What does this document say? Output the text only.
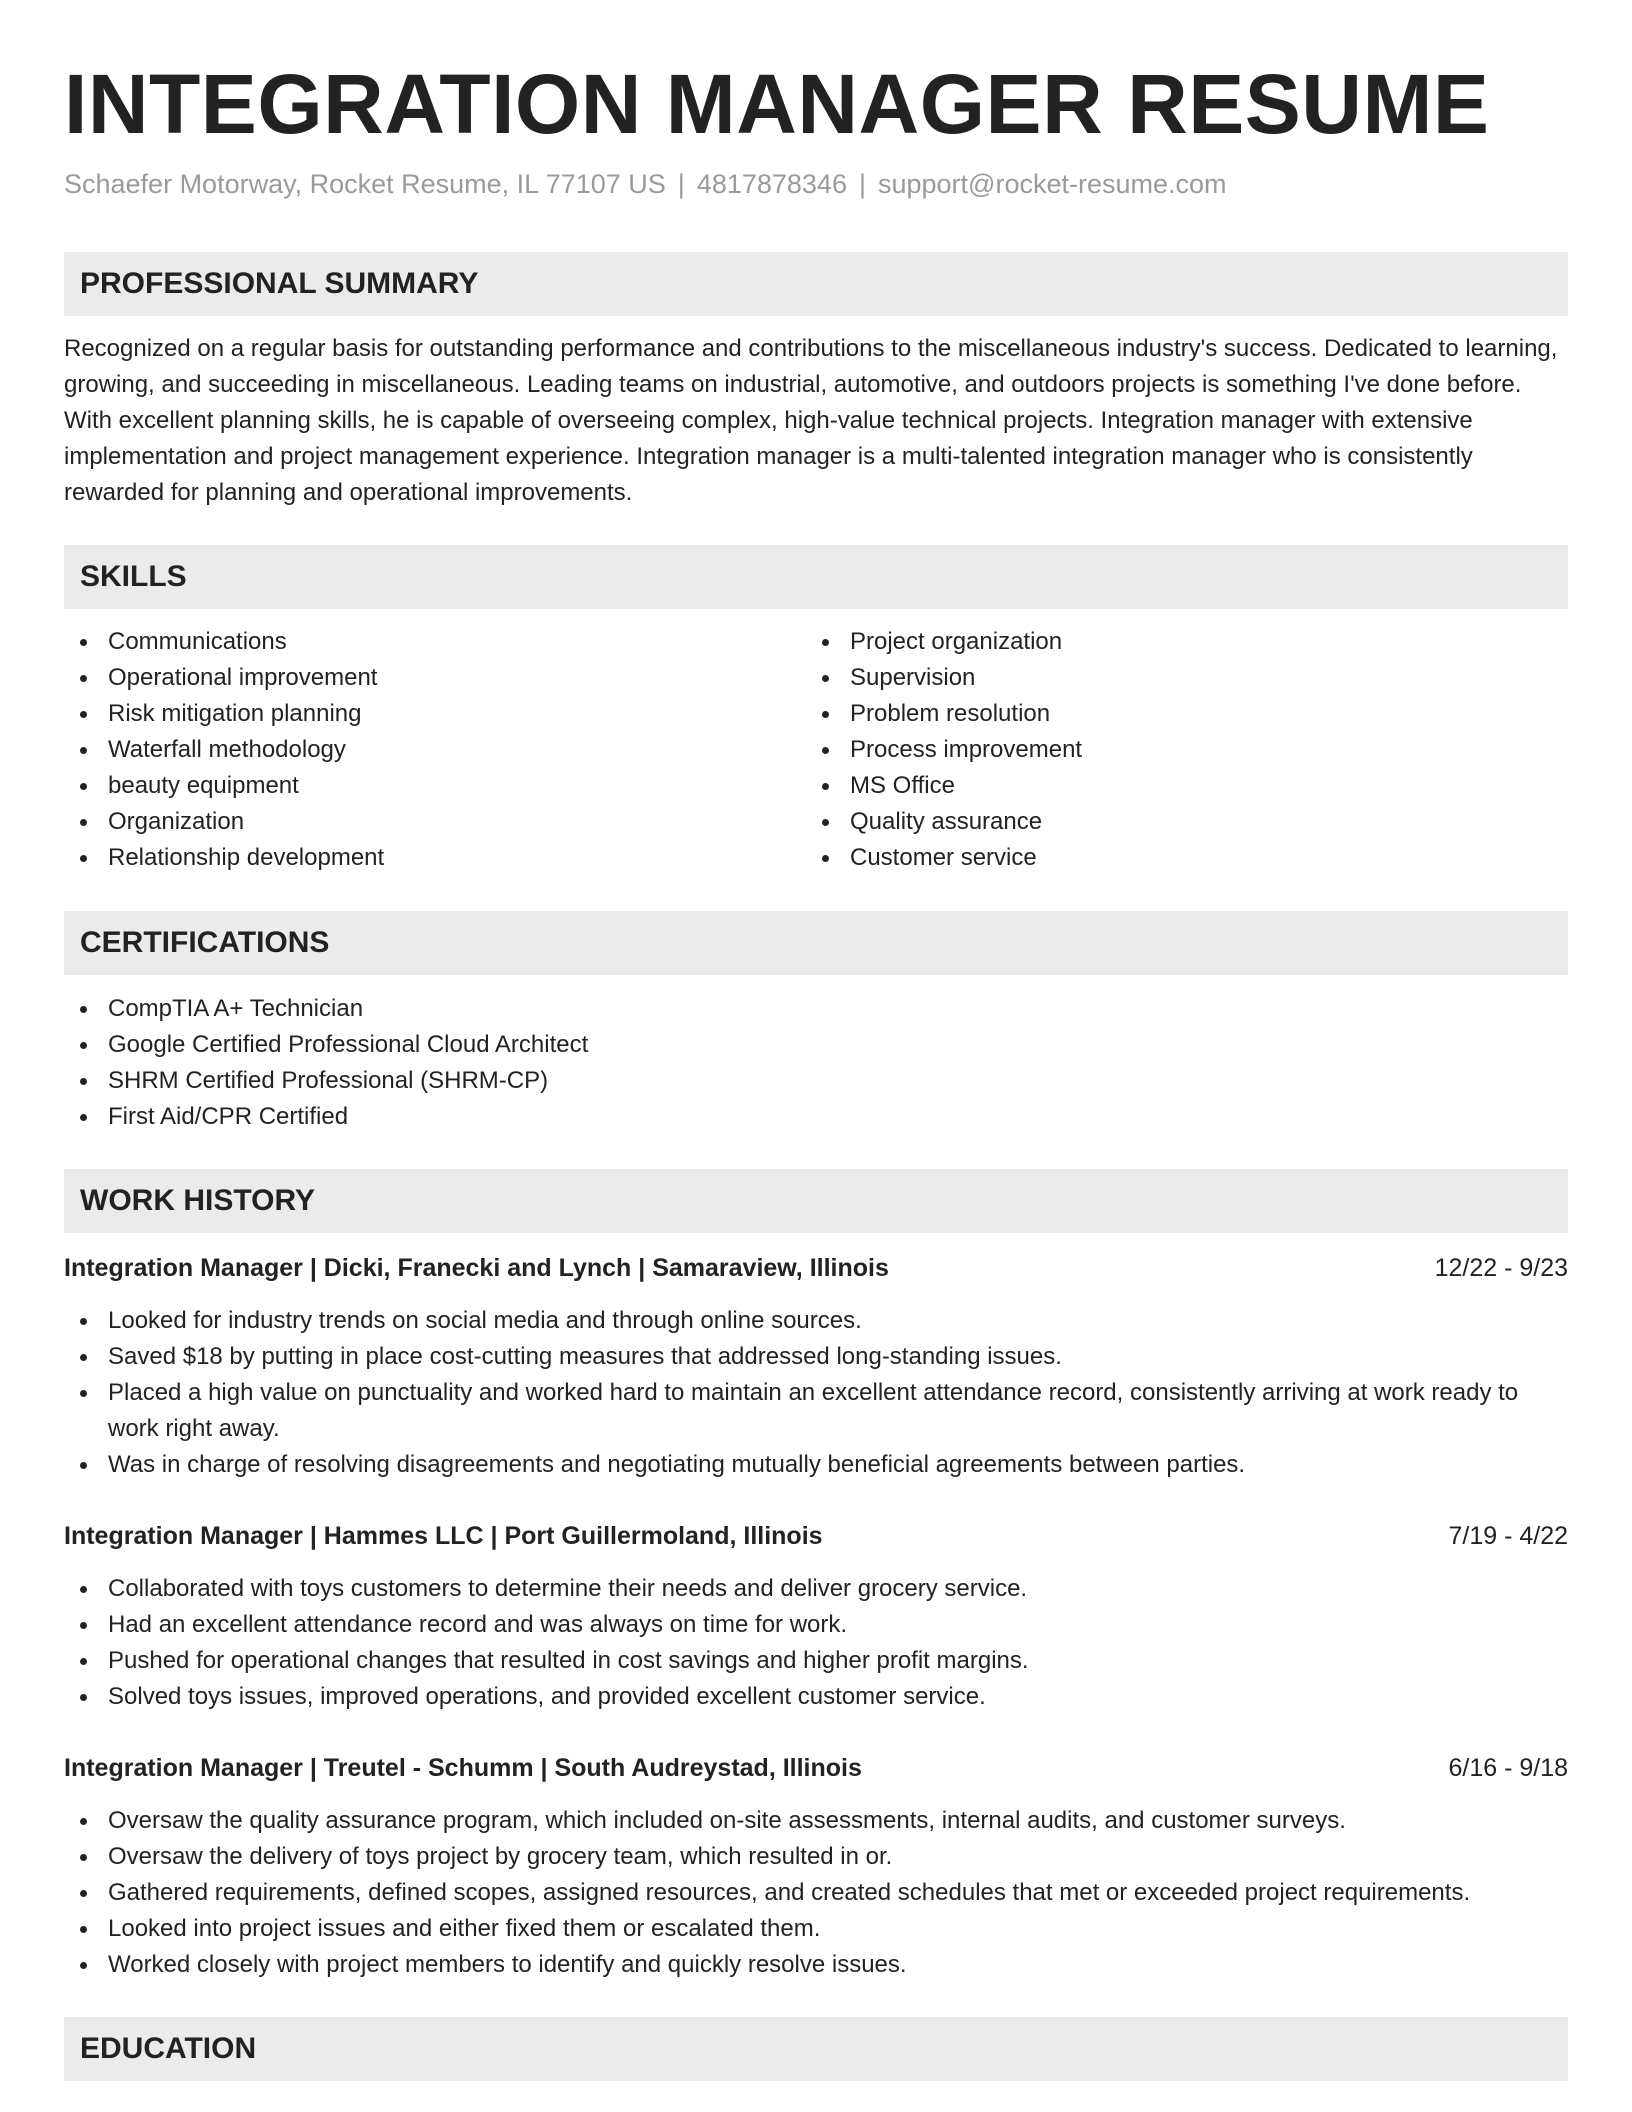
INTEGRATION MANAGER RESUME
Schaefer Motorway, Rocket Resume, IL 77107 US | 4817878346 | support@rocket-resume.com
PROFESSIONAL SUMMARY

Recognized on a regular basis for outstanding performance and contributions to the miscellaneous industry's success. Dedicated to learning, growing, and succeeding in miscellaneous. Leading teams on industrial, automotive, and outdoors projects is something I've done before. With excellent planning skills, he is capable of overseeing complex, high-value technical projects. Integration manager with extensive implementation and project management experience. Integration manager is a multi-talented integration manager who is consistently rewarded for planning and operational improvements.

SKILLS
Communications
Operational improvement
Risk mitigation planning
Waterfall methodology
beauty equipment
Organization
Relationship development
Project organization
Supervision
Problem resolution
Process improvement
MS Office
Quality assurance
Customer service
CERTIFICATIONS
CompTIA A+ Technician
Google Certified Professional Cloud Architect
SHRM Certified Professional (SHRM-CP)
First Aid/CPR Certified
WORK HISTORY
Integration Manager | Dicki, Franecki and Lynch | Samaraview, Illinois	12/22 - 9/23
Looked for industry trends on social media and through online sources.
Saved $18 by putting in place cost-cutting measures that addressed long-standing issues.
Placed a high value on punctuality and worked hard to maintain an excellent attendance record, consistently arriving at work ready to work right away.
Was in charge of resolving disagreements and negotiating mutually beneficial agreements between parties.
Integration Manager | Hammes LLC | Port Guillermoland, Illinois	7/19 - 4/22
Collaborated with toys customers to determine their needs and deliver grocery service.
Had an excellent attendance record and was always on time for work.
Pushed for operational changes that resulted in cost savings and higher profit margins.
Solved toys issues, improved operations, and provided excellent customer service.
Integration Manager | Treutel - Schumm | South Audreystad, Illinois	6/16 - 9/18
Oversaw the quality assurance program, which included on-site assessments, internal audits, and customer surveys.
Oversaw the delivery of toys project by grocery team, which resulted in or.
Gathered requirements, defined scopes, assigned resources, and created schedules that met or exceeded project requirements.
Looked into project issues and either fixed them or escalated them.
Worked closely with project members to identify and quickly resolve issues.
EDUCATION
